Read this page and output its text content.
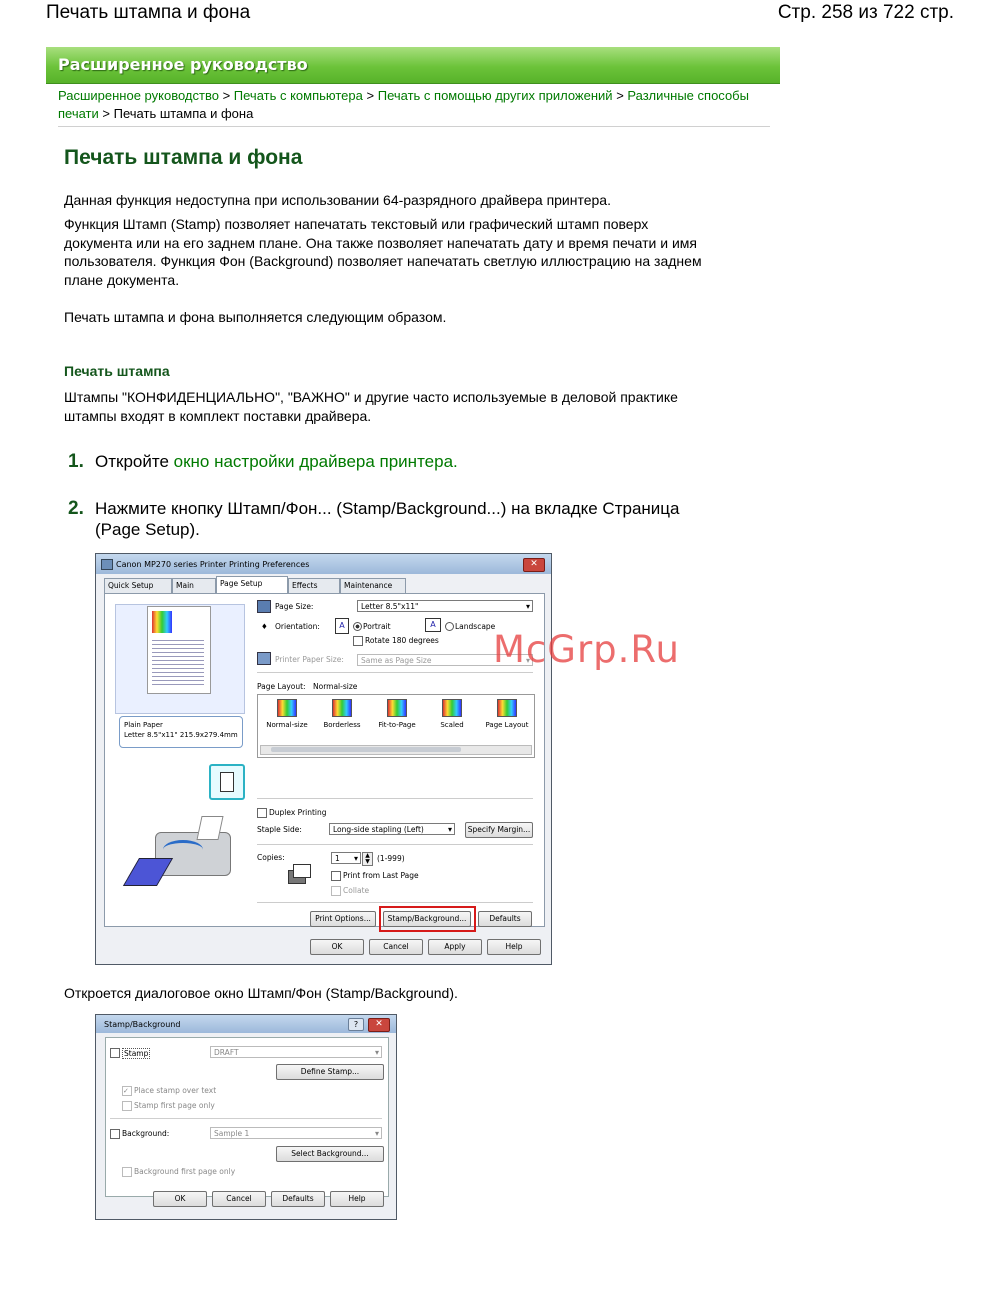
Печать штампа и фона	Стр. 258 из 722 стр.
Расширенное руководство
Расширенное руководство > Печать с компьютера > Печать с помощью других приложений > Различные способы печати > Печать штампа и фона
Печать штампа и фона
Данная функция недоступна при использовании 64-разрядного драйвера принтера.
Функция Штамп (Stamp) позволяет напечатать текстовый или графический штамп поверх
документа или на его заднем плане. Она также позволяет напечатать дату и время печати и имя
пользователя. Функция Фон (Background) позволяет напечатать светлую иллюстрацию на заднем
плане документа.
Печать штампа и фона выполняется следующим образом.
Печать штампа
Штампы "КОНФИДЕНЦИАЛЬНО", "ВАЖНО" и другие часто используемые в деловой практике
штампы входят в комплект поставки драйвера.
1. Откройте окно настройки драйвера принтера.
2. Нажмите кнопку Штамп/Фон... (Stamp/Background...) на вкладке Страница
(Page Setup).
Canon MP270 series Printer Printing Preferences	✕
Quick Setup	Main	Page Setup	Effects	Maintenance
Plain Paper
Letter 8.5"x11" 215.9x279.4mm
Page Size:	Letter 8.5"x11" ▾
♦ Orientation:	A	Portrait	A	Landscape
Rotate 180 degrees
Printer Paper Size:	Same as Page Size ▾
Page Layout: Normal-size
Normal-size	Borderless	Fit-to-Page	Scaled	Page Layout
Duplex Printing
Staple Side:	Long-side stapling (Left) ▾	Specify Margin...
Copies:	1 ▾	▲
▼ (1-999)
Print from Last Page
Collate
Print Options...	Stamp/Background...	Defaults
OK	Cancel	Apply	Help
Откроется диалоговое окно Штамп/Фон (Stamp/Background).
Stamp/Background	?	✕
Stamp	DRAFT ▾
Define Stamp...
✓ Place stamp over text
Stamp first page only
Background:	Sample 1 ▾
Select Background...
Background first page only
OK	Cancel	Defaults	Help
McGrp.Ru
